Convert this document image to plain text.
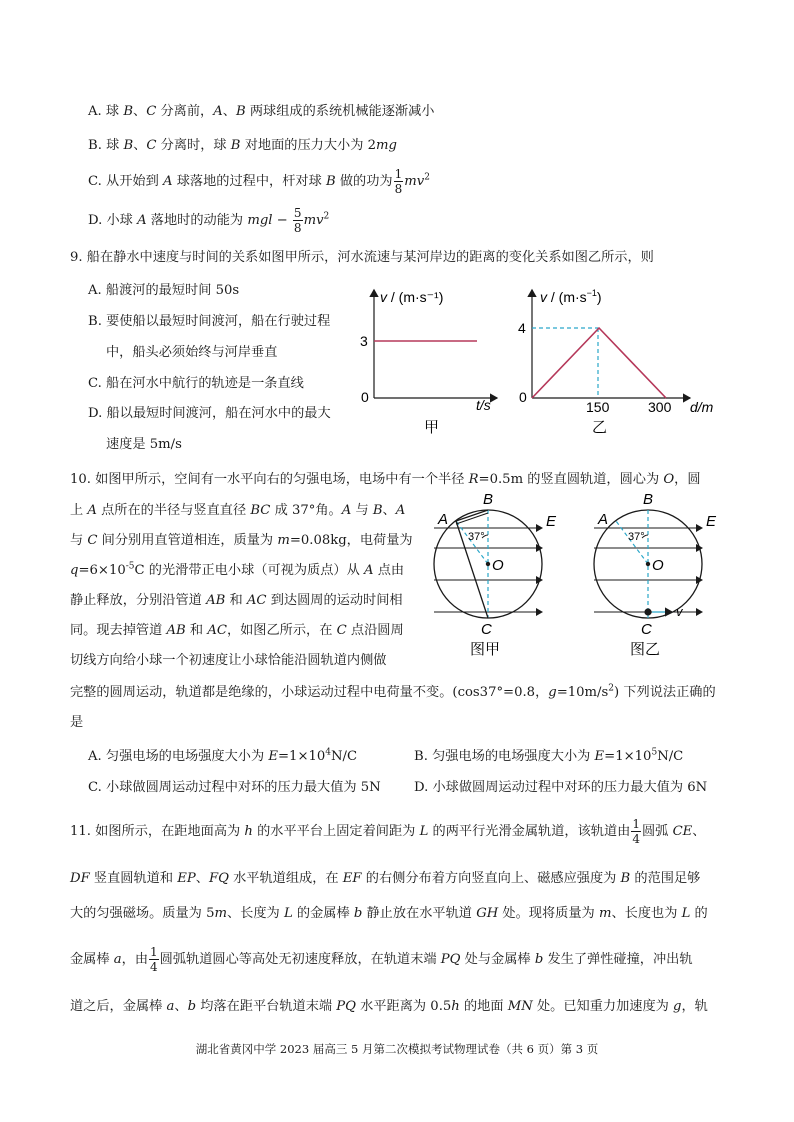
A. 球 B、C 分离前，A、B 两球组成的系统机械能逐渐减小
B. 球 B、C 分离时，球 B 对地面的压力大小为 2mg
C. 从开始到 A 球落地的过程中，杆对球 B 做的功为 $\frac{1}{8} mv^2$
D. 小球 A 落地时的动能为 mgl − $\frac{5}{8} mv^2$
9. 船在静水中速度与时间的关系如图甲所示，河水流速与某河岸边的距离的变化关系如图乙所示，则
A. 船渡河的最短时间 50s
B. 要使船以最短时间渡河，船在行驶过程
中，船头必须始终与河岸垂直
C. 船在河水中航行的轨迹是一条直线
D. 船以最短时间渡河，船在河水中的最大
速度是 5m/s
v / (m·s⁻¹)
3
0	t/s
甲
$v / (m\cdot s^{-1})$
4
0
150	300 d/m
乙
10. 如图甲所示，空间有一水平向右的匀强电场，电场中有一个半径 R=0.5m 的竖直圆轨道，圆心为 O，圆
上 A 点所在的半径与竖直直径 BC 成 37°角。A 与 B、A
与 C 间分别用直管道相连，质量为 m=0.08kg，电荷量为
$q=6\times 10^{-5}C$ 的光滑带正电小球（可视为质点）从 A 点由
静止释放，分别沿管道 AB 和 AC 到达圆周的运动时间相
同。现去掉管道 AB 和 AC，如图乙所示，在 C 点沿圆周
切线方向给小球一个初速度让小球恰能沿圆轨道内侧做
完整的圆周运动，轨道都是绝缘的，小球运动过程中电荷量不变。(cos37°=0.8，$g=10m/s^2$) 下列说法正确的
是
A. 匀强电场的电场强度大小为 $E=1\times 10^4N/C$	B. 匀强电场的电场强度大小为 $E=1\times 10^5N/C$
C. 小球做圆周运动过程中对环的压力最大值为 5N	D. 小球做圆周运动过程中对环的压力最大值为 6N
B
A	E
37°
O
C
图甲
B
A	E
37°
O
v
C
图乙
11. 如图所示，在距地面高为 h 的水平平台上固定着间距为 L 的两平行光滑金属轨道，该轨道由 $\frac{1}{4}$ 圆弧 CE、
DF 竖直圆轨道和 EP、FQ 水平轨道组成，在 EF 的右侧分布着方向竖直向上、磁感应强度为 B 的范围足够
大的匀强磁场。质量为 5m、长度为 L 的金属棒 b 静止放在水平轨道 GH 处。现将质量为 m、长度也为 L 的
金属棒 a，由 $\frac{1}{4}$ 圆弧轨道圆心等高处无初速度释放，在轨道末端 PQ 处与金属棒 b 发生了弹性碰撞，冲出轨
道之后，金属棒 a、b 均落在距平台轨道末端 PQ 水平距离为 0.5h 的地面 MN 处。已知重力加速度为 g，轨
湖北省黄冈中学 2023 届高三 5 月第二次模拟考试物理试卷（共 6 页）第 3 页
